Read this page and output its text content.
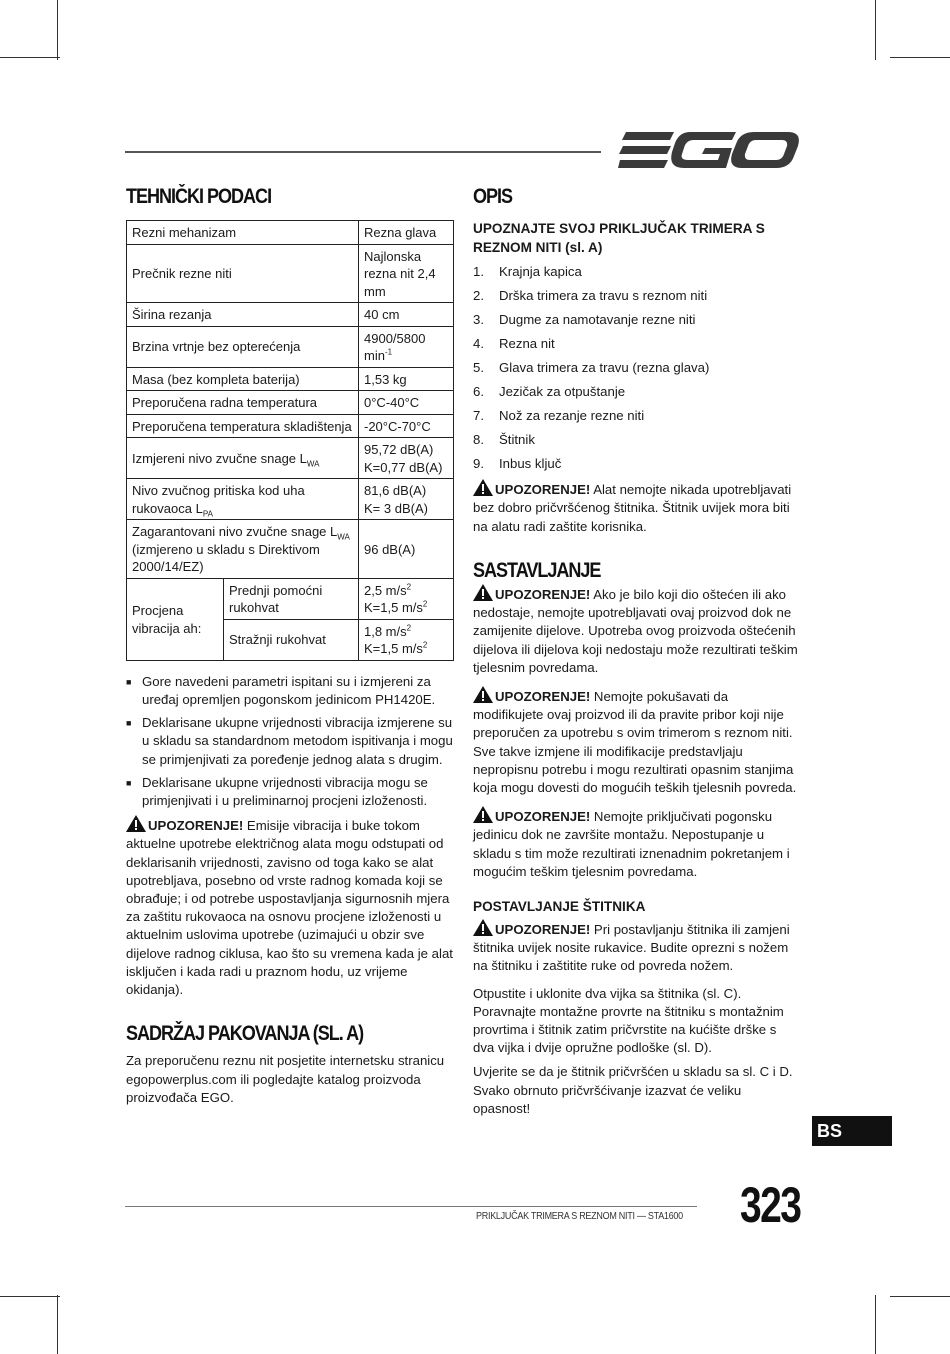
TEHNIČKI PODACI
Rezni mehanizam		Rezna glava
Prečnik rezne niti		Najlonska rezna nit 2,4 mm
Širina rezanja		40 cm
Brzina vrtnje bez opterećenja		4900/5800 $\min^{-1}$
Masa (bez kompleta baterija)		1,53 kg
Preporučena radna temperatura		0°C-40°C
Preporučena temperatura skladištenja		-20°C-70°C
Izmjereni nivo zvučne snage $L_{WA}$		95,72 dB(A)
K=0,77 dB(A)

Nivo zvučnog pritiska kod uha rukovaoca $L_{PA}$		81,6 dB(A)
K= 3 dB(A)

Zagarantovani nivo zvučne snage $L_{WA}$ (izmjereno u skladu s Direktivom 2000/14/EZ)		96 dB(A)
Procjena vibracija ah:	Prednji pomoćni rukohvat	2,5 $m/s^2$
K=1,5 $m/s^2$

	Stražnji rukohvat	1,8 $m/s^2$
K=1,5 $m/s^2$
■ Gore navedeni parametri ispitani su i izmjereni za uređaj opremljen pogonskom jedinicom PH1420E.
■ Deklarisane ukupne vrijednosti vibracija izmjerene su u skladu sa standardnom metodom ispitivanja i mogu se primjenjivati za poređenje jednog alata s drugim.
■ Deklarisane ukupne vrijednosti vibracija mogu se primjenjivati i u preliminarnoj procjeni izloženosti.

UPOZORENJE! Emisije vibracija i buke tokom aktuelne upotrebe električnog alata mogu odstupati od deklarisanih vrijednosti, zavisno od toga kako se alat upotrebljava, posebno od vrste radnog komada koji se obrađuje; i od potrebe uspostavljanja sigurnosnih mjera za zaštitu rukovaoca na osnovu procjene izloženosti u aktuelnim uslovima upotrebe (uzimajući u obzir sve dijelove radnog ciklusa, kao što su vremena kada je alat isključen i kada radi u praznom hodu, uz vrijeme okidanja).

SADRŽAJ PAKOVANJA (SL. A)

Za preporučenu reznu nit posjetite internetsku stranicu egopowerplus.com ili pogledajte katalog proizvoda proizvođača EGO.

OPIS
UPOZNAJTE SVOJ PRIKLJUČAK TRIMERA S REZNOM NITI (sl. A)
1.	Krajnja kapica
2.	Drška trimera za travu s reznom niti
3.	Dugme za namotavanje rezne niti
4.	Rezna nit
5.	Glava trimera za travu (rezna glava)
6.	Jezičak za otpuštanje
7.	Nož za rezanje rezne niti
8.	Štitnik
9.	Inbus ključ

UPOZORENJE! Alat nemojte nikada upotrebljavati bez dobro pričvršćenog štitnika. Štitnik uvijek mora biti na alatu radi zaštite korisnika.

SASTAVLJANJE

UPOZORENJE! Ako je bilo koji dio oštećen ili ako nedostaje, nemojte upotrebljavati ovaj proizvod dok ne zamijenite dijelove. Upotreba ovog proizvoda oštećenih dijelova ili dijelova koji nedostaju može rezultirati teškim tjelesnim povredama.

UPOZORENJE! Nemojte pokušavati da modifikujete ovaj proizvod ili da pravite pribor koji nije preporučen za upotrebu s ovim trimerom s reznom niti. Sve takve izmjene ili modifikacije predstavljaju nepropisnu potrebu i mogu rezultirati opasnim stanjima koja mogu dovesti do mogućih teških tjelesnih povreda.

UPOZORENJE! Nemojte priključivati pogonsku jedinicu dok ne završite montažu. Nepostupanje u skladu s tim može rezultirati iznenadnim pokretanjem i mogućim teškim tjelesnim povredama.

POSTAVLJANJE ŠTITNIKA

UPOZORENJE! Pri postavljanju štitnika ili zamjeni štitnika uvijek nosite rukavice. Budite oprezni s nožem na štitniku i zaštitite ruke od povreda nožem.

Otpustite i uklonite dva vijka sa štitnika (sl. C). Poravnajte montažne provrte na štitniku s montažnim provrtima i štitnik zatim pričvrstite na kućište drške s dva vijka i dvije opružne podloške (sl. D).

Uvjerite se da je štitnik pričvršćen u skladu sa sl. C i D. Svako obrnuto pričvršćivanje izazvat će veliku opasnost!

BS
323
PRIKLJUČAK TRIMERA S REZNOM NITI — STA1600
